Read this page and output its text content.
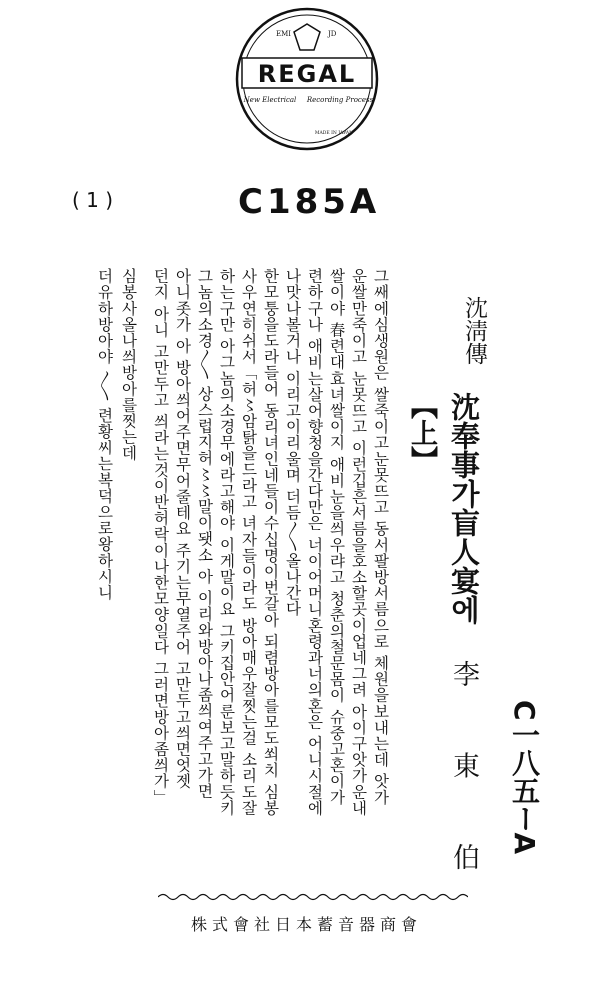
EMI	JD
REGAL
New Electrical Recording Process
MADE IN JAPAN
( 1 )	C185A
C一八五ーA
沈淸傳
【上】 沈奉事가盲人宴에
李 東 伯
그쌔에심생원은 쌀죽이고눈못뜨고 동서팔방서름으로 체원을보내는데 앗가
운쌀만죽이고 눈못뜨고 이런깁흔서름을호소할곳이업네그려 아이구앗가운내
쌀이야 春련대효녀쌀이지 애비눈을씌우랴고 청춘의철문몸이 슈중고혼이가
련하구나 애비는살어향청을간다만은 너이어머니혼령과너의혼은 어니시절에
나맛나볼거나 이리고이리울며 더듬〳〵올나간다
한모퉁을도라들어 동리녀인네들이수십명이번갈아 되렴방아를모도쐬치 심봉
사우연히쉬서「허〻암탉을드라고 녀자들이라도 방아매우잘찟는걸 소리도잘
하는구만 아그놈의소경무에라고해야 이게말이요 그키집안어룬보고말하듯키
그놈의소경〳〵 상스럽지허〻〻말이됏소 아 이리와방아나좀씌여주고가면
아니좃가 아 방아씌어주면무어줄테요 주기는무열주어 고만두고씌면엇젯
던지 아니 고만두고 씌라는것이반허락이나한모양일다 그러면방아좀씌가」
심봉사올나씌방아를찟는데
더유하방아야 〳〵 련황씨는복덕으로왕하시니
株式會社日本蓄音器商會
